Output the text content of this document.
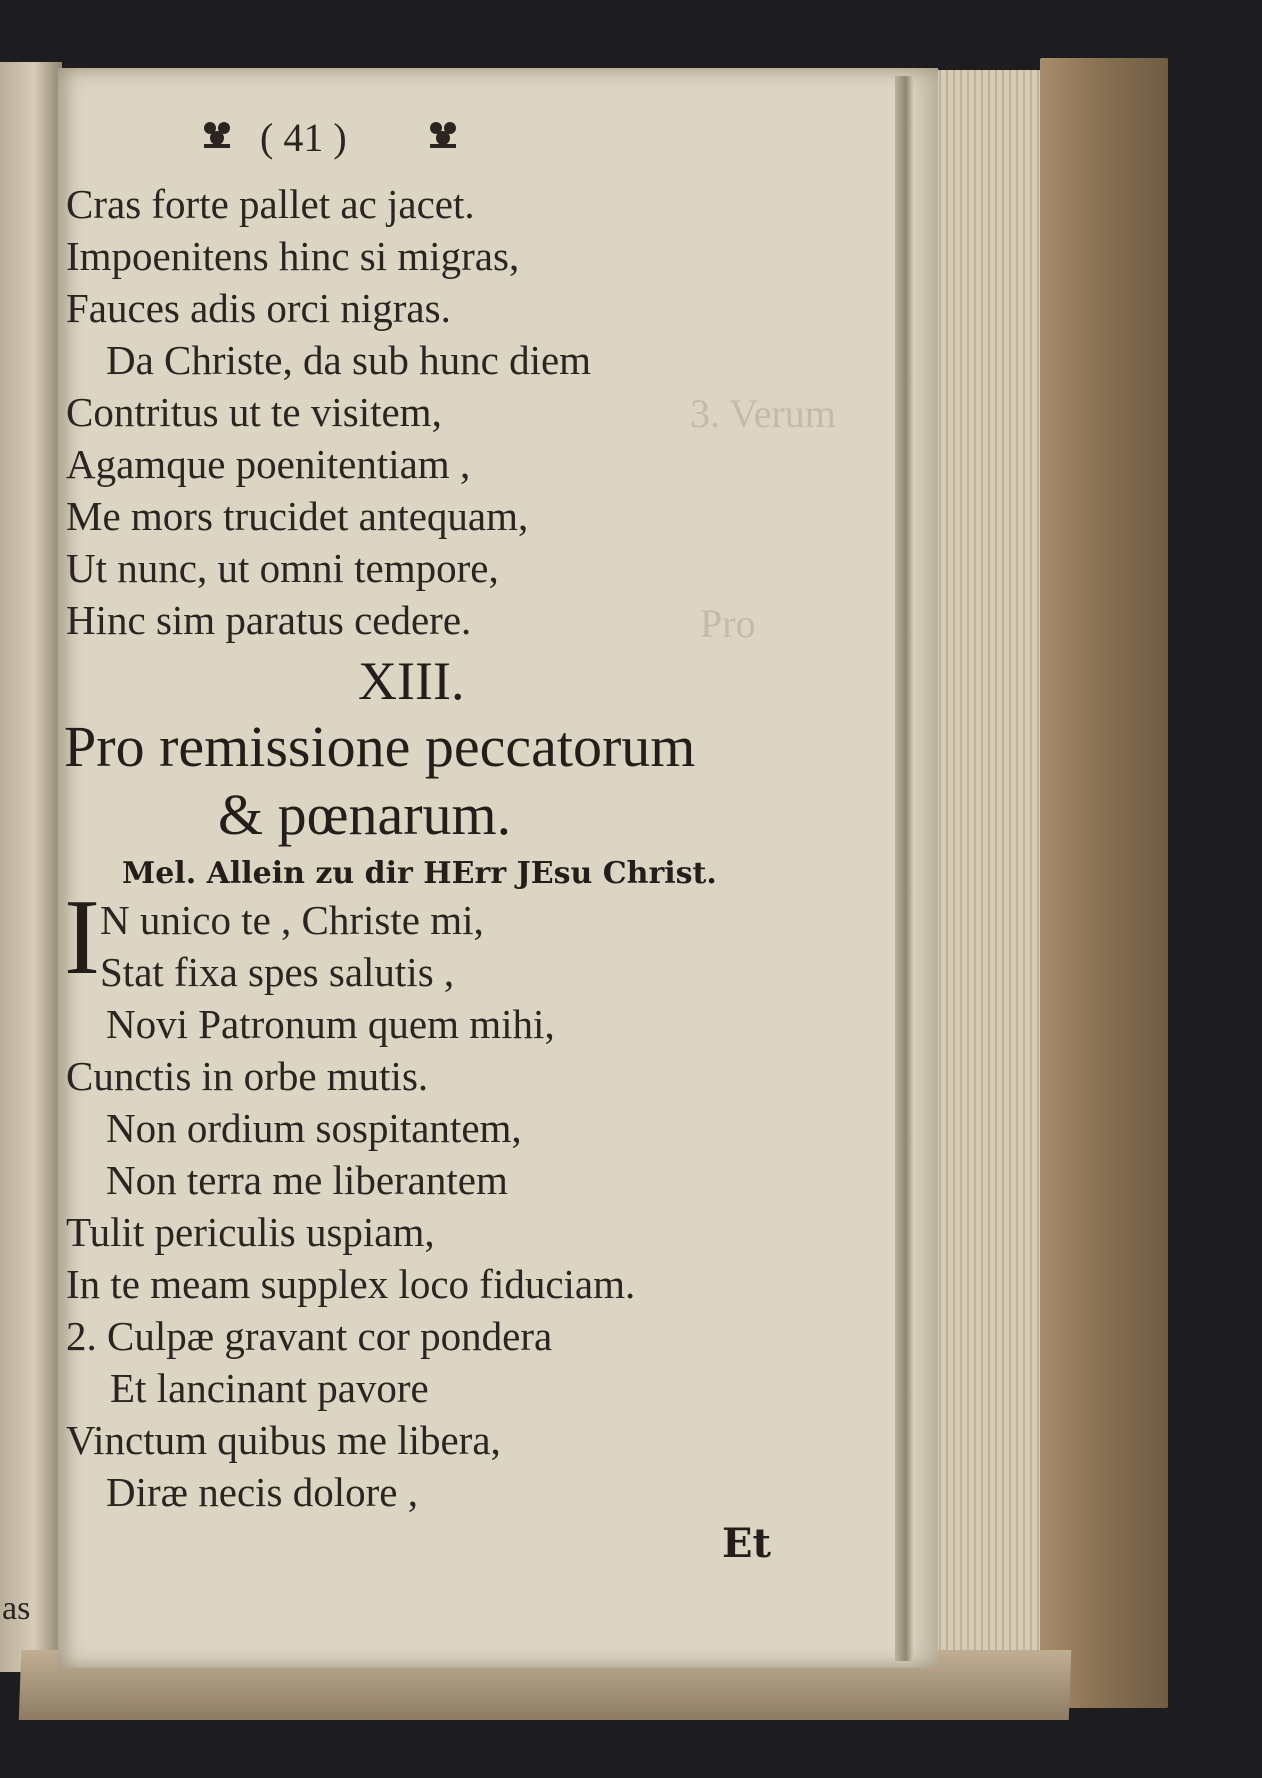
as
3. Verum
Pro
( 41 )

Cras forte pallet ac jacet.

Impoenitens hinc si migras,

Fauces adis orci nigras.

Da Christe, da sub hunc diem

Contritus ut te visitem,

Agamque poenitentiam ,

Me mors trucidet antequam,

Ut nunc, ut omni tempore,

Hinc sim paratus cedere.

XIII.

Pro remissione peccatorum

& pœnarum.

Mel. Allein zu dir HErr JEsu Christ.

I N unico te , Christe mi,

Stat fixa spes salutis ,

Novi Patronum quem mihi,

Cunctis in orbe mutis.

Non ordium sospitantem,

Non terra me liberantem

Tulit periculis uspiam,

In te meam supplex loco fiduciam.

2. Culpæ gravant cor pondera

Et lancinant pavore

Vinctum quibus me libera,

Diræ necis dolore ,

Et
